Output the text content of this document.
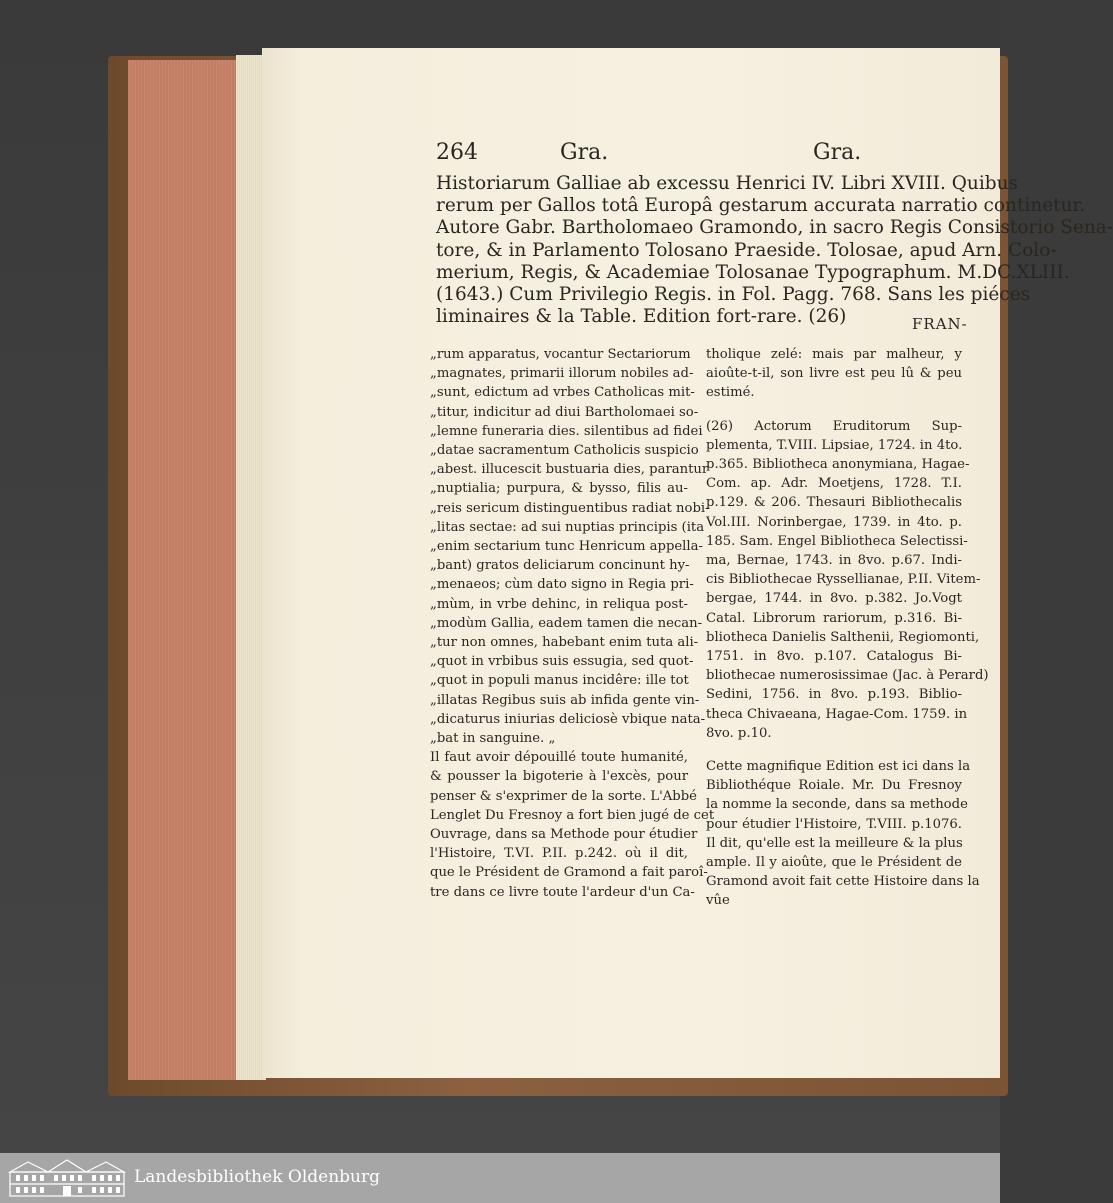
264	Gra.	Gra.
Historiarum Galliae ab excessu Henrici IV. Libri XVIII. Quibus
rerum per Gallos totâ Europâ gestarum accurata narratio continetur.
Autore Gabr. Bartholomaeo Gramondo, in sacro Regis Consistorio Sena-
tore, & in Parlamento Tolosano Praeside. Tolosae, apud Arn. Colo-
merium, Regis, & Academiae Tolosanae Typographum. M.DC.XLIII.
(1643.) Cum Privilegio Regis. in Fol. Pagg. 768. Sans les piéces
liminaires & la Table. Edition fort-rare. (26)	FRAN-
„rum apparatus, vocantur Sectariorum
„magnates, primarii illorum nobiles ad-
„sunt, edictum ad vrbes Catholicas mit-
„titur, indicitur ad diui Bartholomaei so-
„lemne funeraria dies. silentibus ad fidei
„datae sacramentum Catholicis suspicio
„abest. illucescit bustuaria dies, parantur
„nuptialia; purpura, & bysso, filis au-
„reis sericum distinguentibus radiat nobi-
„litas sectae: ad sui nuptias principis (ita
„enim sectarium tunc Henricum appella-
„bant) gratos deliciarum concinunt hy-
„menaeos; cùm dato signo in Regia pri-
„mùm, in vrbe dehinc, in reliqua post-
„modùm Gallia, eadem tamen die necan-
„tur non omnes, habebant enim tuta ali-
„quot in vrbibus suis essugia, sed quot-
„quot in populi manus incidêre: ille tot
„illatas Regibus suis ab infida gente vin-
„dicaturus iniurias deliciosè vbique nata-
„bat in sanguine. „
Il faut avoir dépouillé toute humanité,
& pousser la bigoterie à l'excès, pour
penser & s'exprimer de la sorte. L'Abbé
Lenglet Du Fresnoy a fort bien jugé de cet
Ouvrage, dans sa Methode pour étudier
l'Histoire, T.VI. P.II. p.242. où il dit,
que le Président de Gramond a fait paroî-
tre dans ce livre toute l'ardeur d'un Ca-
tholique zelé: mais par malheur, y
aioûte-t-il, son livre est peu lû & peu
estimé.
(26) Actorum Eruditorum Sup-
plementa, T.VIII. Lipsiae, 1724. in 4to.
p.365. Bibliotheca anonymiana, Hagae-
Com. ap. Adr. Moetjens, 1728. T.I.
p.129. & 206. Thesauri Bibliothecalis
Vol.III. Norinbergae, 1739. in 4to. p.
185. Sam. Engel Bibliotheca Selectissi-
ma, Bernae, 1743. in 8vo. p.67. Indi-
cis Bibliothecae Ryssellianae, P.II. Vitem-
bergae, 1744. in 8vo. p.382. Jo.Vogt
Catal. Librorum rariorum, p.316. Bi-
bliotheca Danielis Salthenii, Regiomonti,
1751. in 8vo. p.107. Catalogus Bi-
bliothecae numerosissimae (Jac. à Perard)
Sedini, 1756. in 8vo. p.193. Biblio-
theca Chivaeana, Hagae-Com. 1759. in
8vo. p.10.
Cette magnifique Edition est ici dans la
Bibliothéque Roiale. Mr. Du Fresnoy
la nomme la seconde, dans sa methode
pour étudier l'Histoire, T.VIII. p.1076.
Il dit, qu'elle est la meilleure & la plus
ample. Il y aioûte, que le Président de
Gramond avoit fait cette Histoire dans la
vûe
Landesbibliothek Oldenburg
